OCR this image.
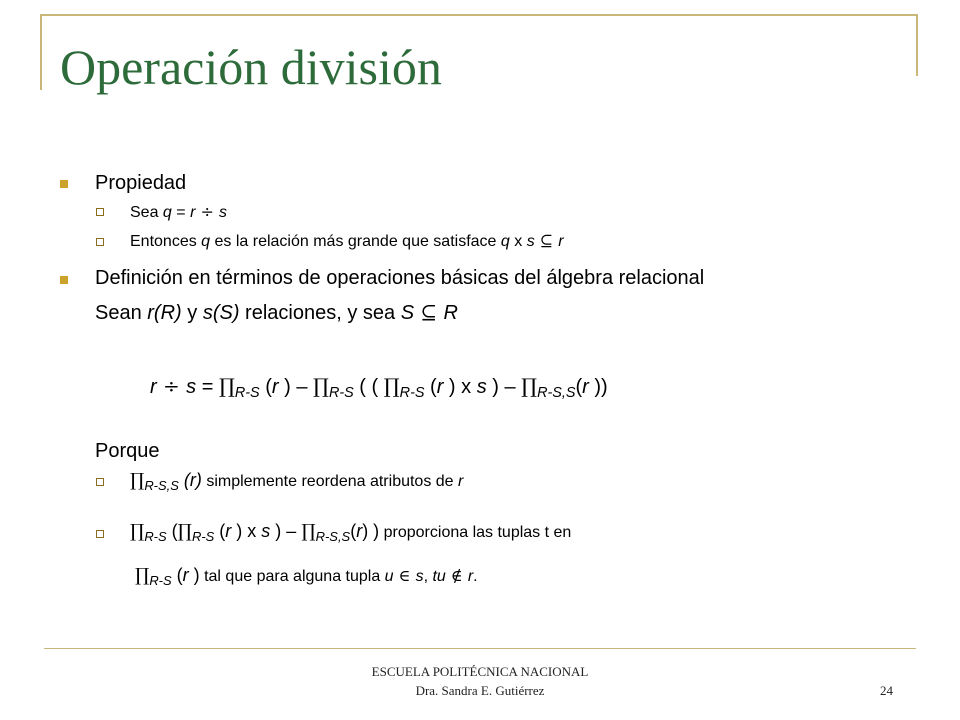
Operación división
Propiedad
Sea q = r ÷ s
Entonces q es la relación más grande que satisface q x s ⊆ r
Definición en términos de operaciones básicas del álgebra relacional
Sean r(R) y s(S) relaciones, y sea S ⊆ R
$r \div s = \prod_{R-S}$ (r ) – $\prod_{R-S}$ ( ( $\prod_{R-S}$ (r ) x s ) – $\prod_{R-S,S}(r$ ))
Porque
$\prod_{R-S,S}$ (r) simplemente reordena atributos de r
$\prod_{R-S}$ ($\prod_{R-S}$ (r ) x s ) – $\prod_{R-S,S}(r)$ ) proporciona las tuplas t en
$\prod_{R-S}$ (r ) tal que para alguna tupla u ∈ s, tu ∉ r.
ESCUELA POLITÉCNICA NACIONAL
Dra. Sandra E. Gutiérrez	24
